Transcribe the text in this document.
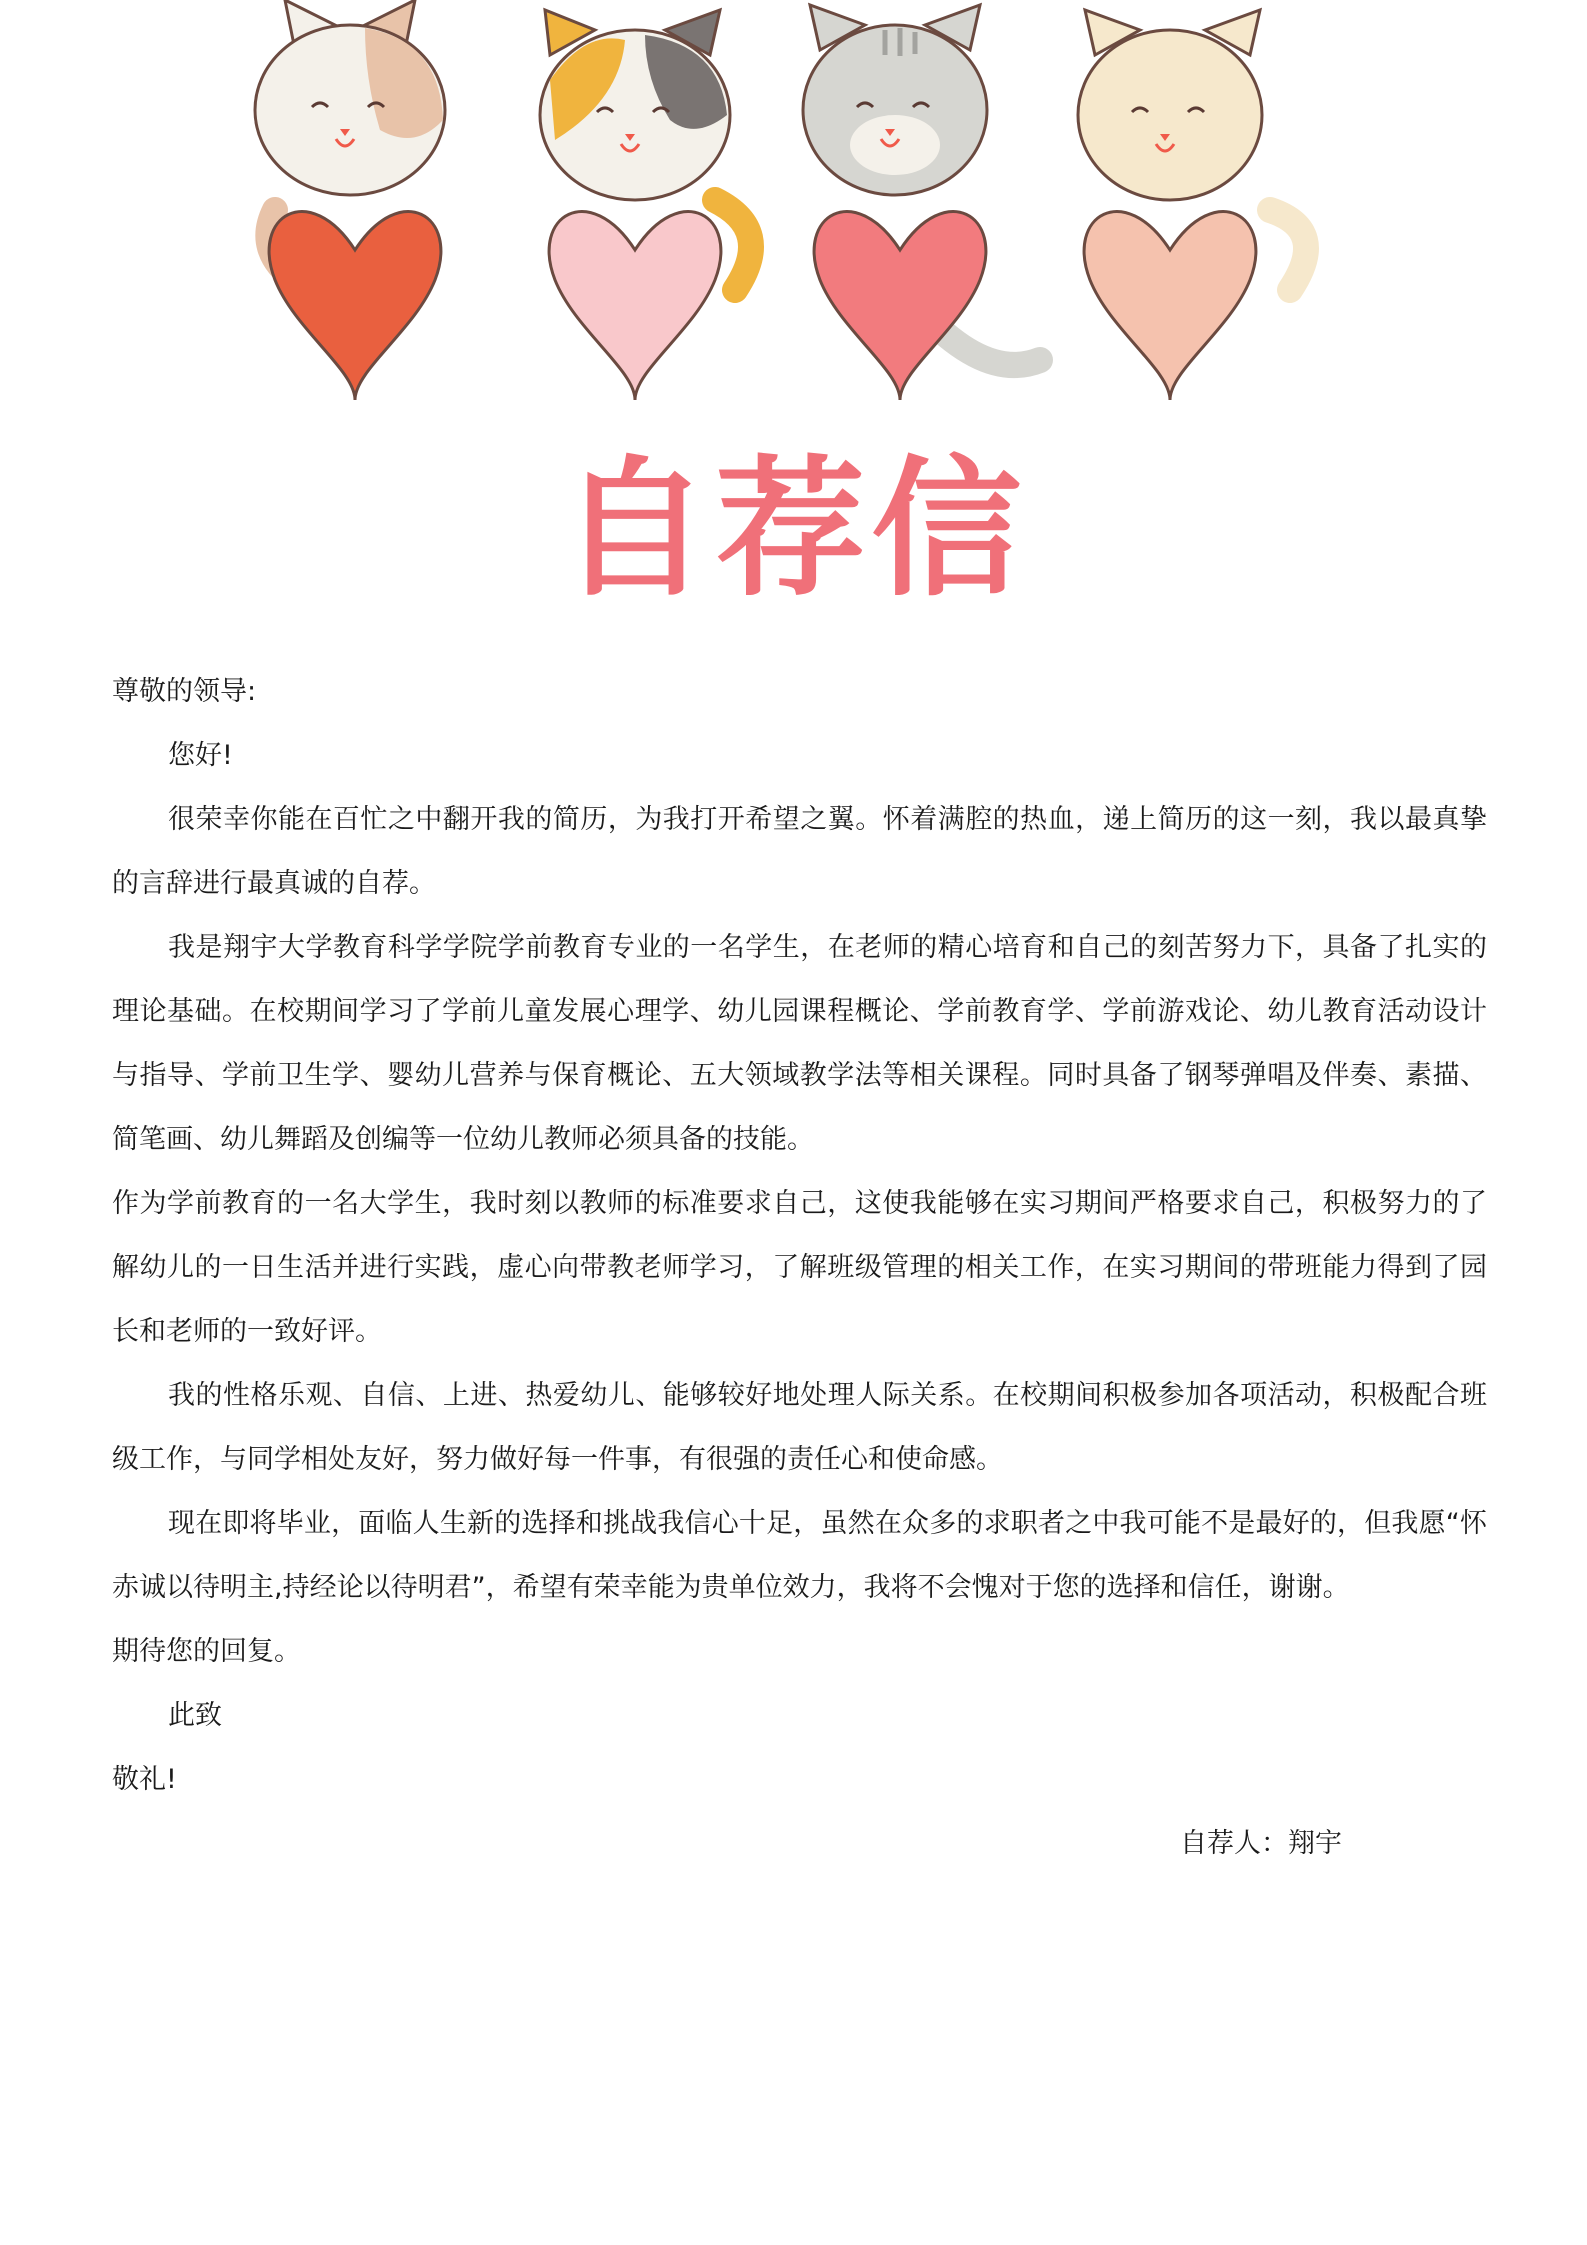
自荐信

尊敬的领导:

您好!

很荣幸你能在百忙之中翻开我的简历，为我打开希望之翼。怀着满腔的热血，递上简历的这一刻，我以最真挚的言辞进行最真诚的自荐。

我是翔宇大学教育科学学院学前教育专业的一名学生，在老师的精心培育和自己的刻苦努力下，具备了扎实的理论基础。在校期间学习了学前儿童发展心理学、幼儿园课程概论、学前教育学、学前游戏论、幼儿教育活动设计与指导、学前卫生学、婴幼儿营养与保育概论、五大领域教学法等相关课程。同时具备了钢琴弹唱及伴奏、素描、简笔画、幼儿舞蹈及创编等一位幼儿教师必须具备的技能。

作为学前教育的一名大学生，我时刻以教师的标准要求自己，这使我能够在实习期间严格要求自己，积极努力的了解幼儿的一日生活并进行实践，虚心向带教老师学习，了解班级管理的相关工作，在实习期间的带班能力得到了园长和老师的一致好评。

我的性格乐观、自信、上进、热爱幼儿、能够较好地处理人际关系。在校期间积极参加各项活动，积极配合班级工作，与同学相处友好，努力做好每一件事，有很强的责任心和使命感。

现在即将毕业，面临人生新的选择和挑战我信心十足，虽然在众多的求职者之中我可能不是最好的，但我愿“怀赤诚以待明主,持经论以待明君”，希望有荣幸能为贵单位效力，我将不会愧对于您的选择和信任，谢谢。

期待您的回复。

此致

敬礼!

自荐人：翔宇
